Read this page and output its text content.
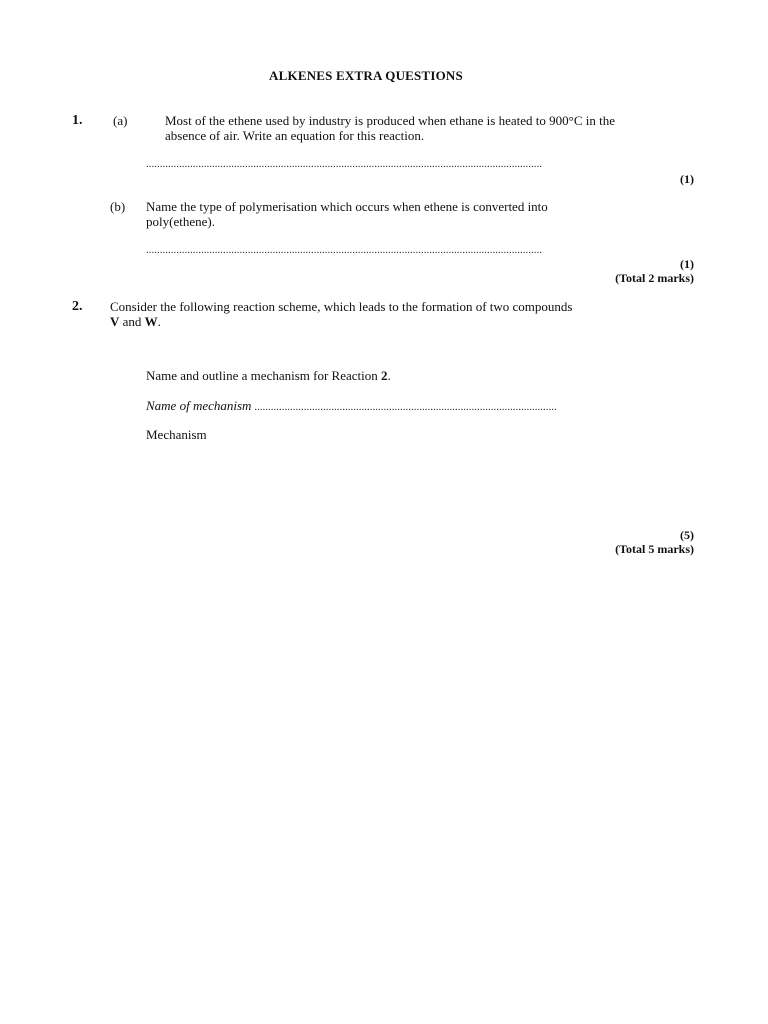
ALKENES EXTRA QUESTIONS
1. (a)	Most of the ethene used by industry is produced when ethane is heated to 900°C in the
absence of air. Write an equation for this reaction.
................................................................................................................................................
(1)
(b) Name the type of polymerisation which occurs when ethene is converted into
poly(ethene).
................................................................................................................................................
(1)
(Total 2 marks)
2. Consider the following reaction scheme, which leads to the formation of two compounds
V and W.
Name and outline a mechanism for Reaction 2.
Name of mechanism ..............................................................................................................
Mechanism
(5)
(Total 5 marks)
